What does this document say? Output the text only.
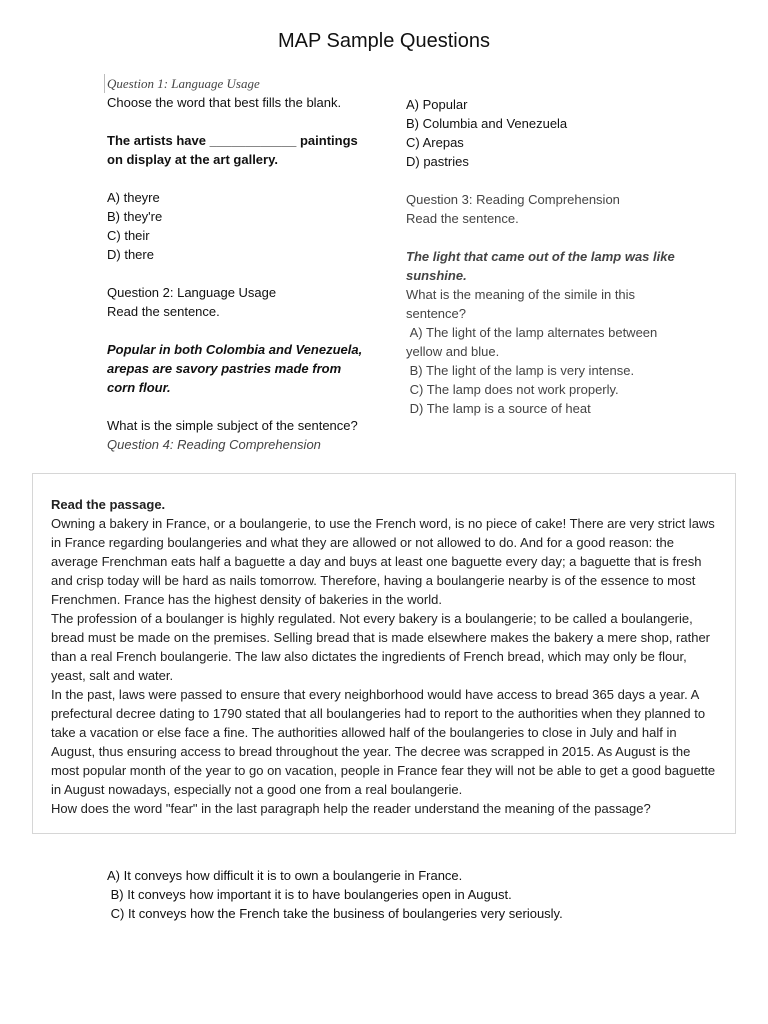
MAP Sample Questions
Question 1: Language Usage
Choose the word that best fills the blank.
The artists have ____________ paintings on display at the art gallery.
A) theyre
B) they're
C) their
D) there
Question 2: Language Usage
Read the sentence.
Popular in both Colombia and Venezuela, arepas are savory pastries made from corn flour.
What is the simple subject of the sentence?
Question 4: Reading Comprehension
A) Popular
B) Columbia and Venezuela
C) Arepas
D) pastries
Question 3: Reading Comprehension
Read the sentence.
The light that came out of the lamp was like sunshine.
What is the meaning of the simile in this sentence?
A) The light of the lamp alternates between yellow and blue.
B) The light of the lamp is very intense.
C) The lamp does not work properly.
D) The lamp is a source of heat
Read the passage.
Owning a bakery in France, or a boulangerie, to use the French word, is no piece of cake! There are very strict laws in France regarding boulangeries and what they are allowed or not allowed to do. And for a good reason: the average Frenchman eats half a baguette a day and buys at least one baguette every day; a baguette that is fresh and crisp today will be hard as nails tomorrow. Therefore, having a boulangerie nearby is of the essence to most Frenchmen. France has the highest density of bakeries in the world.
The profession of a boulanger is highly regulated. Not every bakery is a boulangerie; to be called a boulangerie, bread must be made on the premises. Selling bread that is made elsewhere makes the bakery a mere shop, rather than a real French boulangerie. The law also dictates the ingredients of French bread, which may only be flour, yeast, salt and water.
In the past, laws were passed to ensure that every neighborhood would have access to bread 365 days a year. A prefectural decree dating to 1790 stated that all boulangeries had to report to the authorities when they planned to take a vacation or else face a fine. The authorities allowed half of the boulangeries to close in July and half in August, thus ensuring access to bread throughout the year. The decree was scrapped in 2015. As August is the most popular month of the year to go on vacation, people in France fear they will not be able to get a good baguette in August nowadays, especially not a good one from a real boulangerie.
How does the word "fear" in the last paragraph help the reader understand the meaning of the passage?
A) It conveys how difficult it is to own a boulangerie in France.
B) It conveys how important it is to have boulangeries open in August.
C) It conveys how the French take the business of boulangeries very seriously.
